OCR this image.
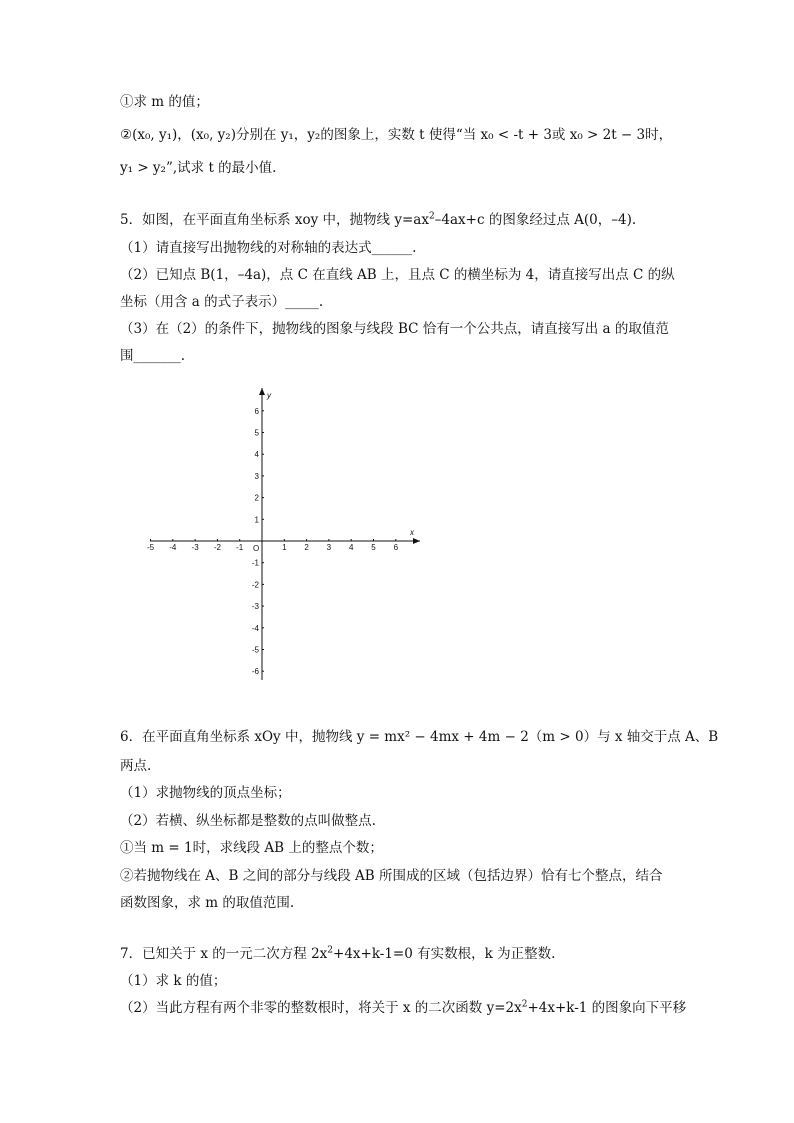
①求 m 的值；
②(x₀, y₁)，(x₀, y₂)分别在 y₁，y₂的图象上，实数 t 使得“当 x₀ < -t + 3或 x₀ > 2t − 3时，
y₁ > y₂”,试求 t 的最小值.
5．如图，在平面直角坐标系 xoy 中，抛物线 $y=ax^2-4ax+c$ 的图象经过点 A(0，–4).
（1）请直接写出抛物线的对称轴的表达式______.
（2）已知点 B(1，–4a)，点 C 在直线 AB 上，且点 C 的横坐标为 4，请直接写出点 C 的纵
坐标（用含 a 的式子表示）_____.
（3）在（2）的条件下，抛物线的图象与线段 BC 恰有一个公共点，请直接写出 a 的取值范
围_______.
-5 -4 -3 -2 -1	1 2 3 4 5 6
6
5
4
3
2
1
-1
-2
-3
-4
-5
-6
y
x
O
6．在平面直角坐标系 xOy 中，抛物线 y = mx² − 4mx + 4m − 2（m > 0）与 x 轴交于点 A、B
两点.
（1）求抛物线的顶点坐标；
（2）若横、纵坐标都是整数的点叫做整点.
①当 m = 1时，求线段 AB 上的整点个数；
②若抛物线在 A、B 之间的部分与线段 AB 所围成的区域（包括边界）恰有七个整点，结合
函数图象，求 m 的取值范围.
7．已知关于 x 的一元二次方程 $2x^2+4x+k-1=0$ 有实数根，k 为正整数.
（1）求 k 的值；
（2）当此方程有两个非零的整数根时，将关于 x 的二次函数 $y=2x^2+4x+k-1$ 的图象向下平移
